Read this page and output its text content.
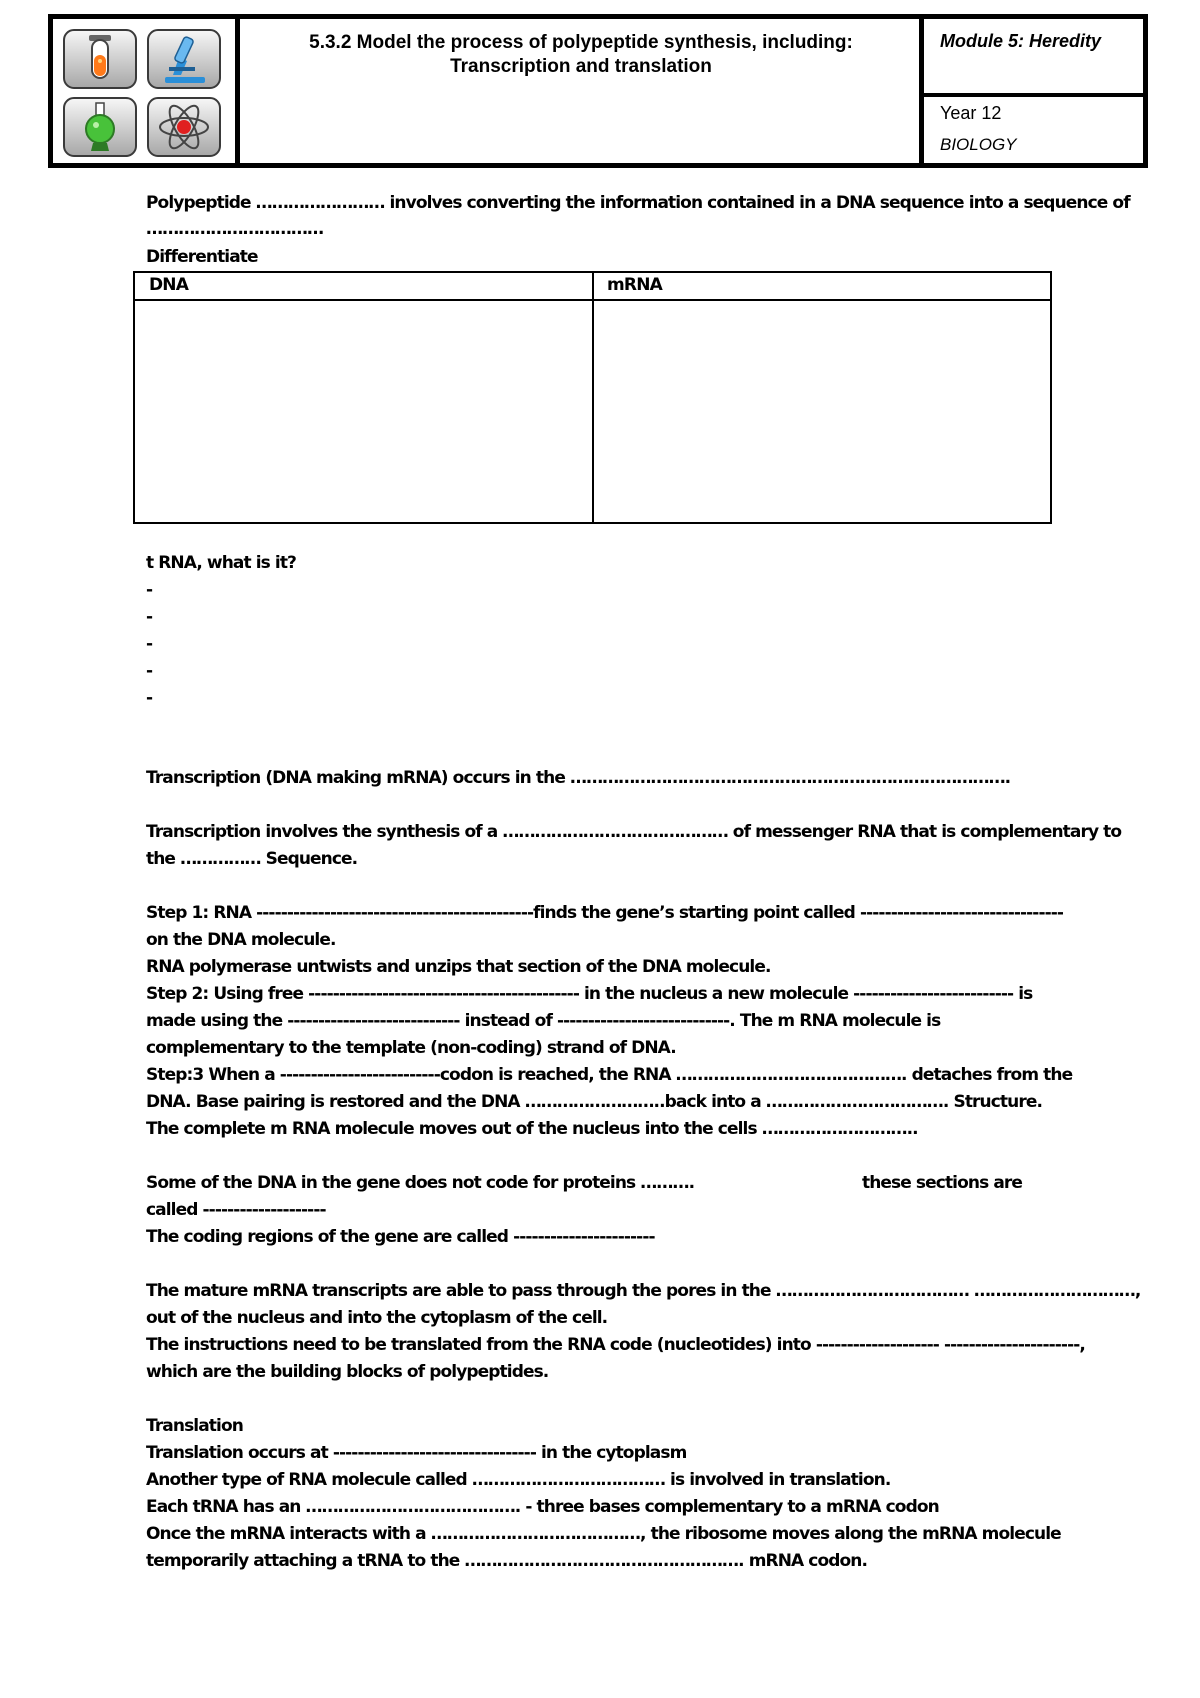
5.3.2 Model the process of polypeptide synthesis, including:
Transcription and translation
Module 5: Heredity
Year 12
BIOLOGY
Polypeptide …………………… involves converting the information contained in a DNA sequence into a sequence of
……………………………
Differentiate
DNA	mRNA
t RNA, what is it?
-
-
-
-
-
Transcription (DNA making mRNA) occurs in the ……………………………………………………………………….
Transcription involves the synthesis of a …………………………………… of messenger RNA that is complementary to
the …………… Sequence.
Step 1: RNA ---------------------------------------------finds the gene’s starting point called ---------------------------------
on the DNA molecule.
RNA polymerase untwists and unzips that section of the DNA molecule.
Step 2: Using free -------------------------------------------- in the nucleus a new molecule -------------------------- is
made using the ---------------------------- instead of ----------------------------. The m RNA molecule is
complementary to the template (non-coding) strand of DNA.
Step:3 When a --------------------------codon is reached, the RNA ……………………………………. detaches from the
DNA. Base pairing is restored and the DNA ……………………..back into a ……………………………. Structure.
The complete m RNA molecule moves out of the nucleus into the cells ………………………..
Some of the DNA in the gene does not code for proteins ……….	these sections are
called --------------------
The coding regions of the gene are called -----------------------
The mature mRNA transcripts are able to pass through the pores in the ……………………………… …………………………,
out of the nucleus and into the cytoplasm of the cell.
The instructions need to be translated from the RNA code (nucleotides) into -------------------- ----------------------,
which are the building blocks of polypeptides.
Translation
Translation occurs at --------------------------------- in the cytoplasm
Another type of RNA molecule called ……………………………… is involved in translation.
Each tRNA has an …………………………………. - three bases complementary to a mRNA codon
Once the mRNA interacts with a …………………………………, the ribosome moves along the mRNA molecule
temporarily attaching a tRNA to the ……………………………………………. mRNA codon.
